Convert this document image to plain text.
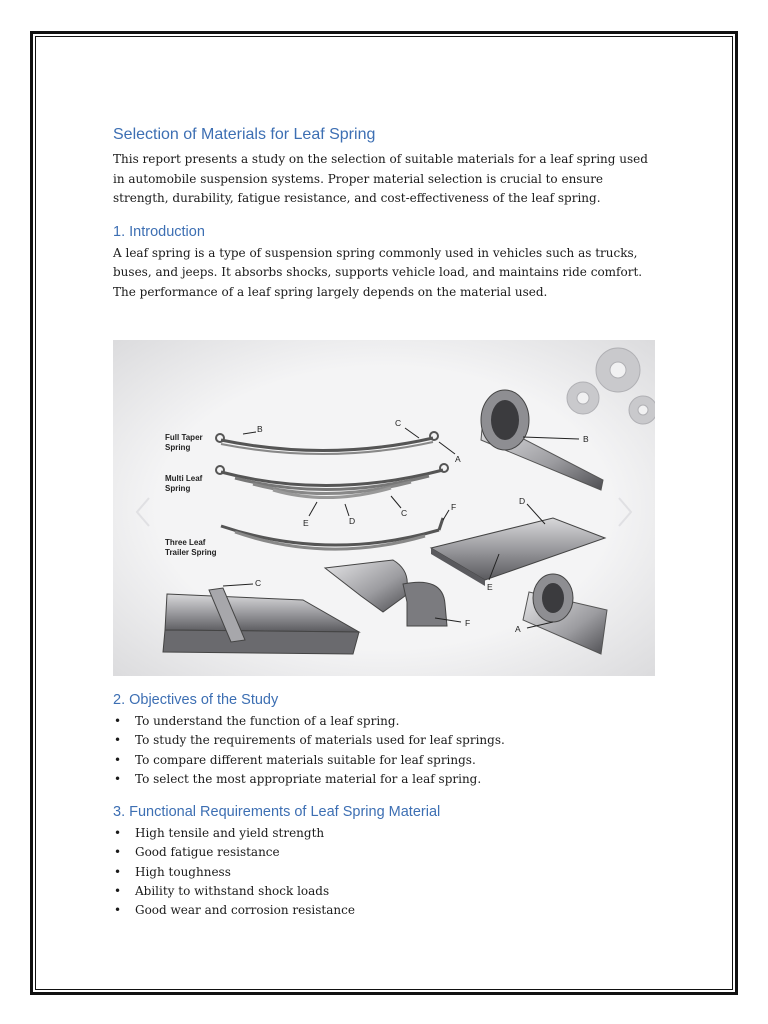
Selection of Materials for Leaf Spring

This report presents a study on the selection of suitable materials for a leaf spring used in automobile suspension systems. Proper material selection is crucial to ensure strength, durability, fatigue resistance, and cost-effectiveness of the leaf spring.

1. Introduction

A leaf spring is a type of suspension spring commonly used in vehicles such as trucks, buses, and jeeps. It absorbs shocks, supports vehicle load, and maintains ride comfort. The performance of a leaf spring largely depends on the material used.

Full Taper
Spring
B
C
A
Multi Leaf
Spring
E	D
C
Three Leaf
Trailer Spring
F
B
D
E
C
F
A
2. Objectives of the Study
• To understand the function of a leaf spring.
• To study the requirements of materials used for leaf springs.
• To compare different materials suitable for leaf springs.
• To select the most appropriate material for a leaf spring.
3. Functional Requirements of Leaf Spring Material
• High tensile and yield strength
• Good fatigue resistance
• High toughness
• Ability to withstand shock loads
• Good wear and corrosion resistance
